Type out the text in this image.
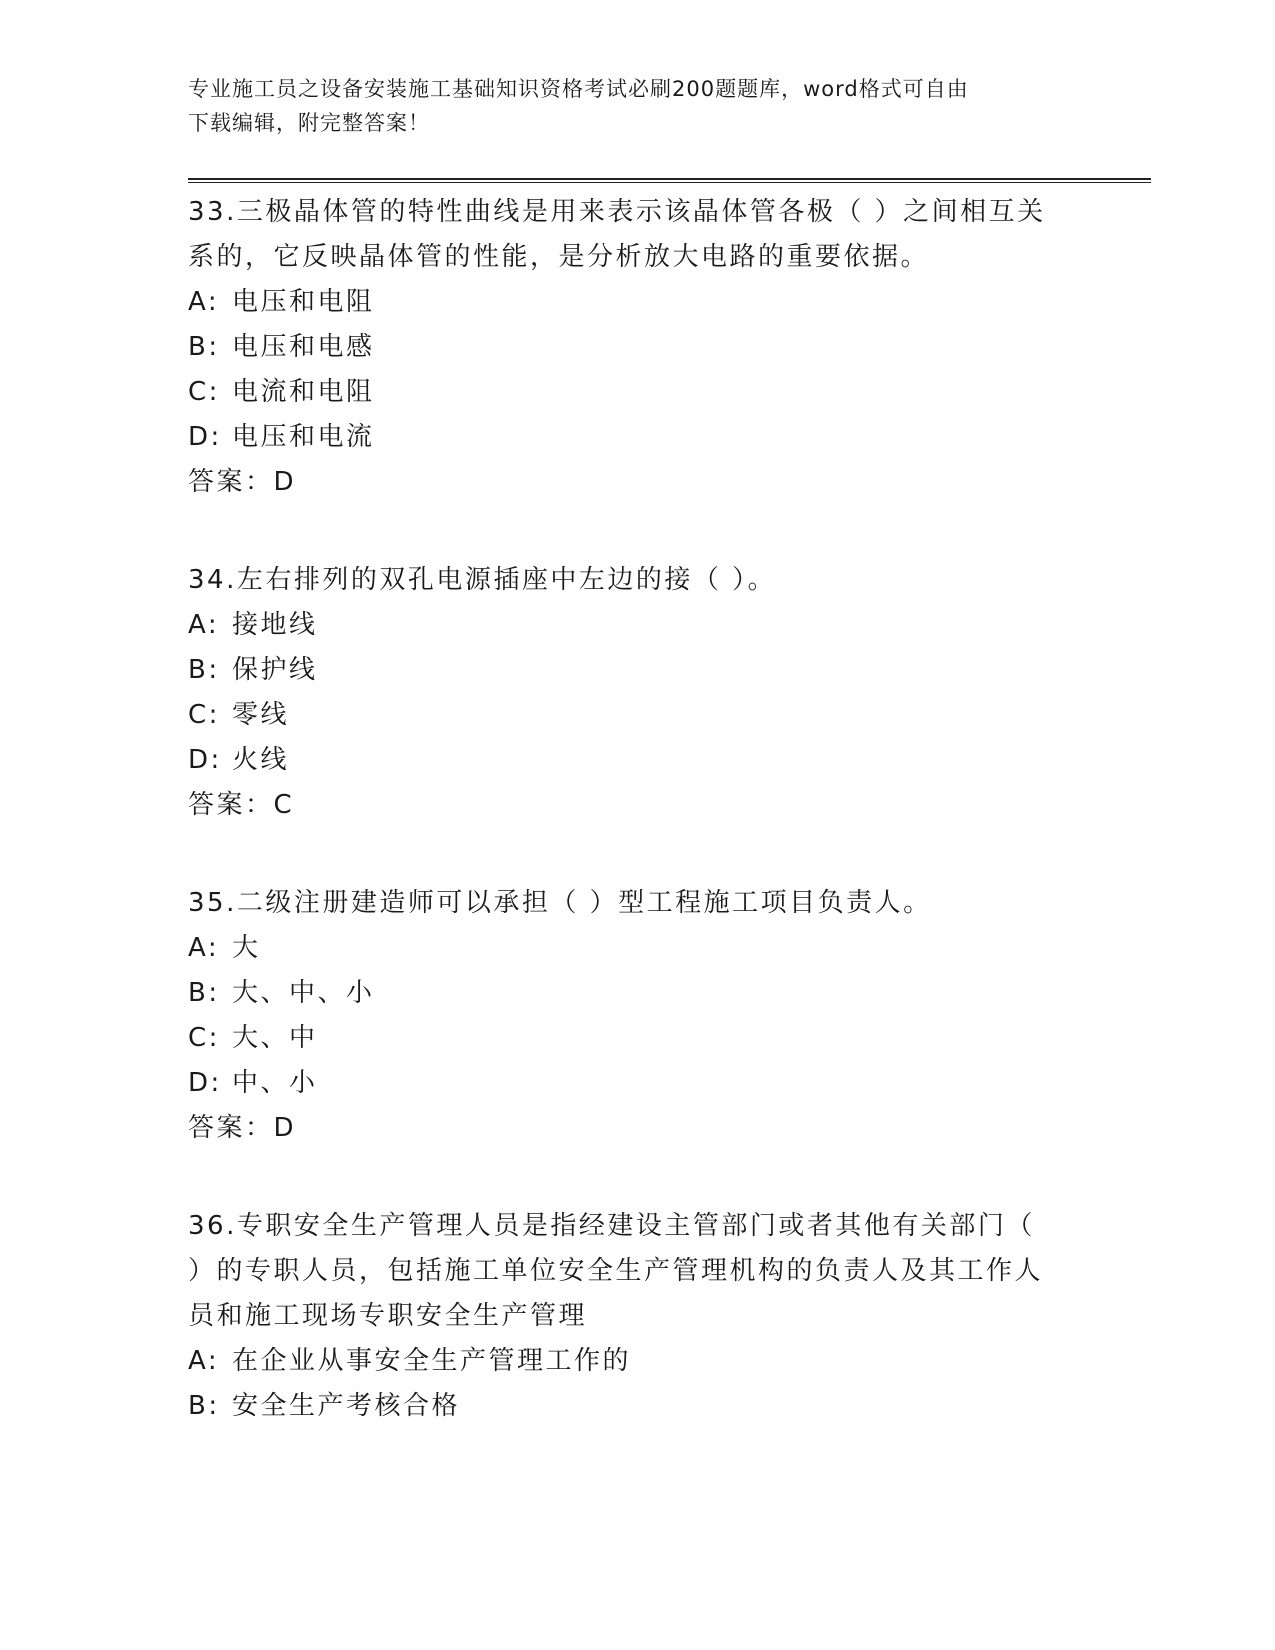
专业施工员之设备安装施工基础知识资格考试必刷200题题库，word格式可自由
下载编辑，附完整答案！
33.三极晶体管的特性曲线是用来表示该晶体管各极（ ）之间相互关
系的，它反映晶体管的性能，是分析放大电路的重要依据。
A: 电压和电阻
B: 电压和电感
C: 电流和电阻
D: 电压和电流
答案：D
34.左右排列的双孔电源插座中左边的接（ ）。
A: 接地线
B: 保护线
C: 零线
D: 火线
答案：C
35.二级注册建造师可以承担（ ）型工程施工项目负责人。
A: 大
B: 大、中、小
C: 大、中
D: 中、小
答案：D
36.专职安全生产管理人员是指经建设主管部门或者其他有关部门（
）的专职人员，包括施工单位安全生产管理机构的负责人及其工作人
员和施工现场专职安全生产管理
A: 在企业从事安全生产管理工作的
B: 安全生产考核合格
